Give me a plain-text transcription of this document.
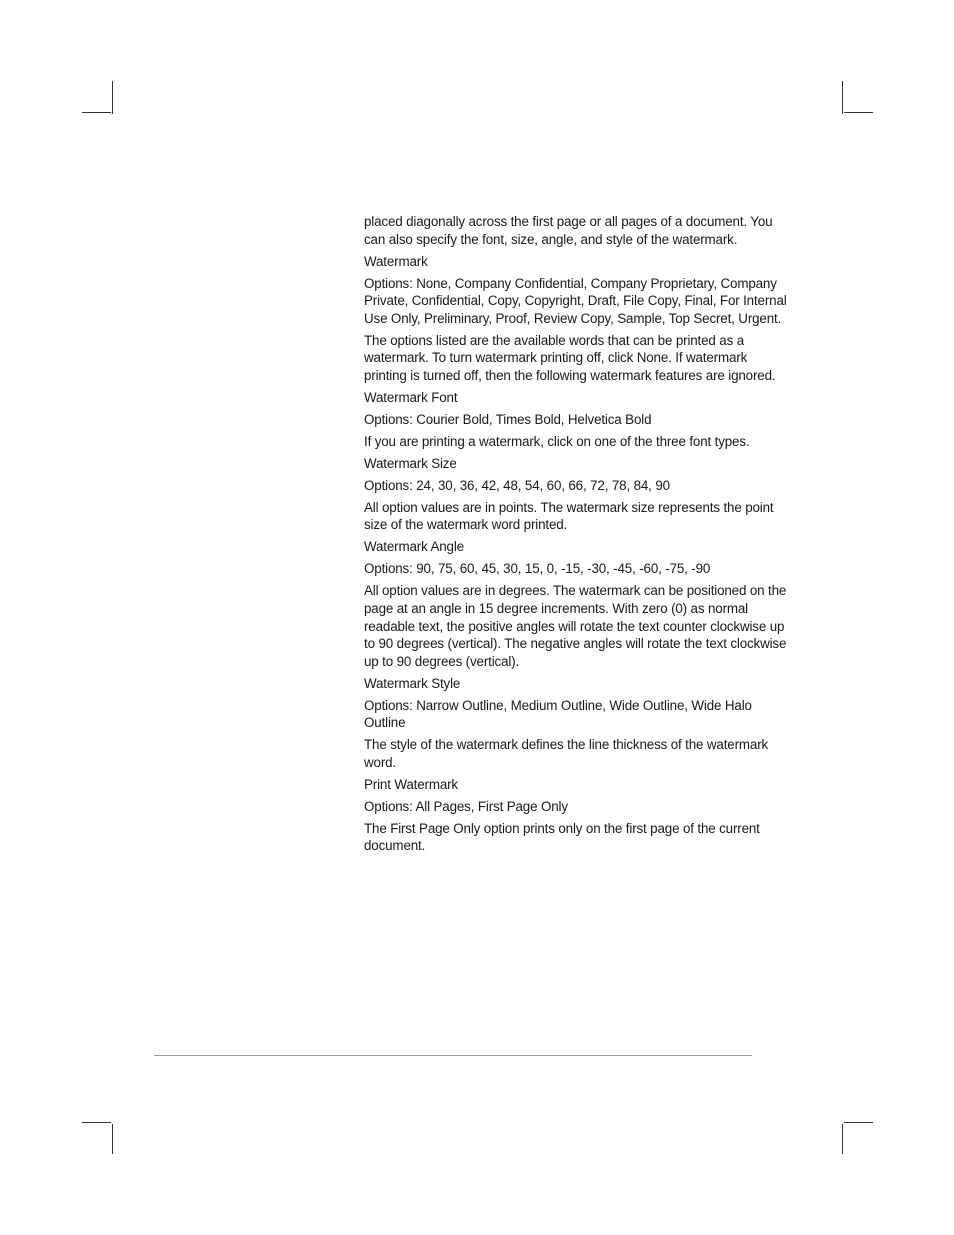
placed diagonally across the first page or all pages of a document. You can also specify the font, size, angle, and style of the watermark.

Watermark

Options: None, Company Confidential, Company Proprietary, Company Private, Confidential, Copy, Copyright, Draft, File Copy, Final, For Internal Use Only, Preliminary, Proof, Review Copy, Sample, Top Secret, Urgent.

The options listed are the available words that can be printed as a watermark. To turn watermark printing off, click None. If watermark printing is turned off, then the following watermark features are ignored.

Watermark Font

Options: Courier Bold, Times Bold, Helvetica Bold

If you are printing a watermark, click on one of the three font types.

Watermark Size

Options: 24, 30, 36, 42, 48, 54, 60, 66, 72, 78, 84, 90

All option values are in points. The watermark size represents the point size of the watermark word printed.

Watermark Angle

Options: 90, 75, 60, 45, 30, 15, 0, -15, -30, -45, -60, -75, -90

All option values are in degrees. The watermark can be positioned on the page at an angle in 15 degree increments. With zero (0) as normal readable text, the positive angles will rotate the text counter clockwise up to 90 degrees (vertical). The negative angles will rotate the text clockwise up to 90 degrees (vertical).

Watermark Style

Options: Narrow Outline, Medium Outline, Wide Outline, Wide Halo Outline

The style of the watermark defines the line thickness of the watermark word.

Print Watermark

Options: All Pages, First Page Only

The First Page Only option prints only on the first page of the current document.
